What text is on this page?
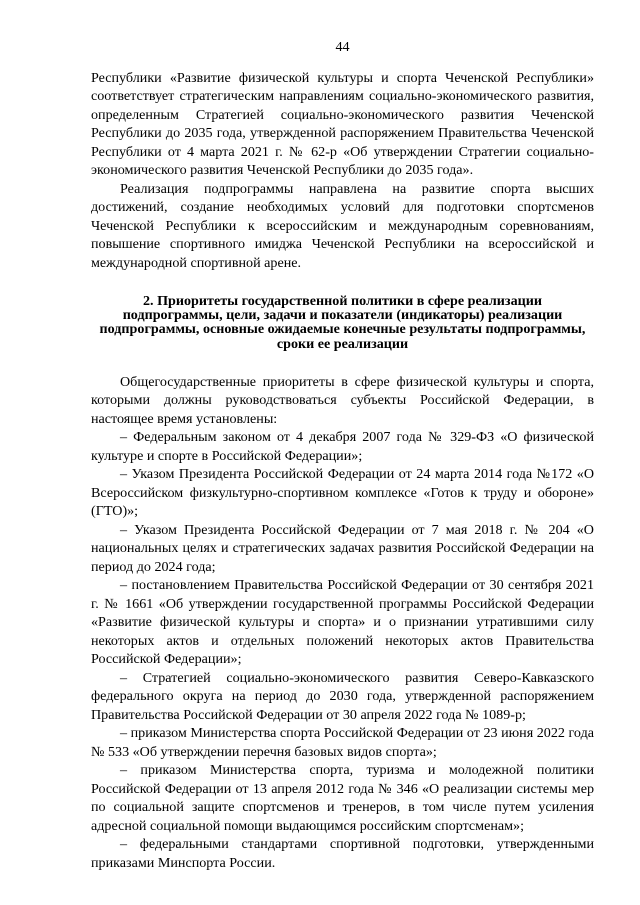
44

Республики «Развитие физической культуры и спорта Чеченской Республики» соответствует стратегическим направлениям социально-экономического развития, определенным Стратегией социально-экономического развития Чеченской Республики до 2035 года, утвержденной распоряжением Правительства Чеченской Республики от 4 марта 2021 г. № 62-р «Об утверждении Стратегии социально-экономического развития Чеченской Республики до 2035 года».

Реализация подпрограммы направлена на развитие спорта высших достижений, создание необходимых условий для подготовки спортсменов Чеченской Республики к всероссийским и международным соревнованиям, повышение спортивного имиджа Чеченской Республики на всероссийской и международной спортивной арене.

2. Приоритеты государственной политики в сфере реализации подпрограммы, цели, задачи и показатели (индикаторы) реализации подпрограммы, основные ожидаемые конечные результаты подпрограммы, сроки ее реализации

Общегосударственные приоритеты в сфере физической культуры и спорта, которыми должны руководствоваться субъекты Российской Федерации, в настоящее время установлены:

– Федеральным законом от 4 декабря 2007 года № 329-ФЗ «О физической культуре и спорте в Российской Федерации»;

– Указом Президента Российской Федерации от 24 марта 2014 года №172 «О Всероссийском физкультурно-спортивном комплексе «Готов к труду и обороне» (ГТО)»;

– Указом Президента Российской Федерации от 7 мая 2018 г. № 204 «О национальных целях и стратегических задачах развития Российской Федерации на период до 2024 года;

– постановлением Правительства Российской Федерации от 30 сентября 2021 г. № 1661 «Об утверждении государственной программы Российской Федерации «Развитие физической культуры и спорта» и о признании утратившими силу некоторых актов и отдельных положений некоторых актов Правительства Российской Федерации»;

– Стратегией социально-экономического развития Северо-Кавказского федерального округа на период до 2030 года, утвержденной распоряжением Правительства Российской Федерации от 30 апреля 2022 года № 1089-р;

– приказом Министерства спорта Российской Федерации от 23 июня 2022 года № 533 «Об утверждении перечня базовых видов спорта»;

– приказом Министерства спорта, туризма и молодежной политики Российской Федерации от 13 апреля 2012 года № 346 «О реализации системы мер по социальной защите спортсменов и тренеров, в том числе путем усиления адресной социальной помощи выдающимся российским спортсменам»;

– федеральными стандартами спортивной подготовки, утвержденными приказами Минспорта России.
